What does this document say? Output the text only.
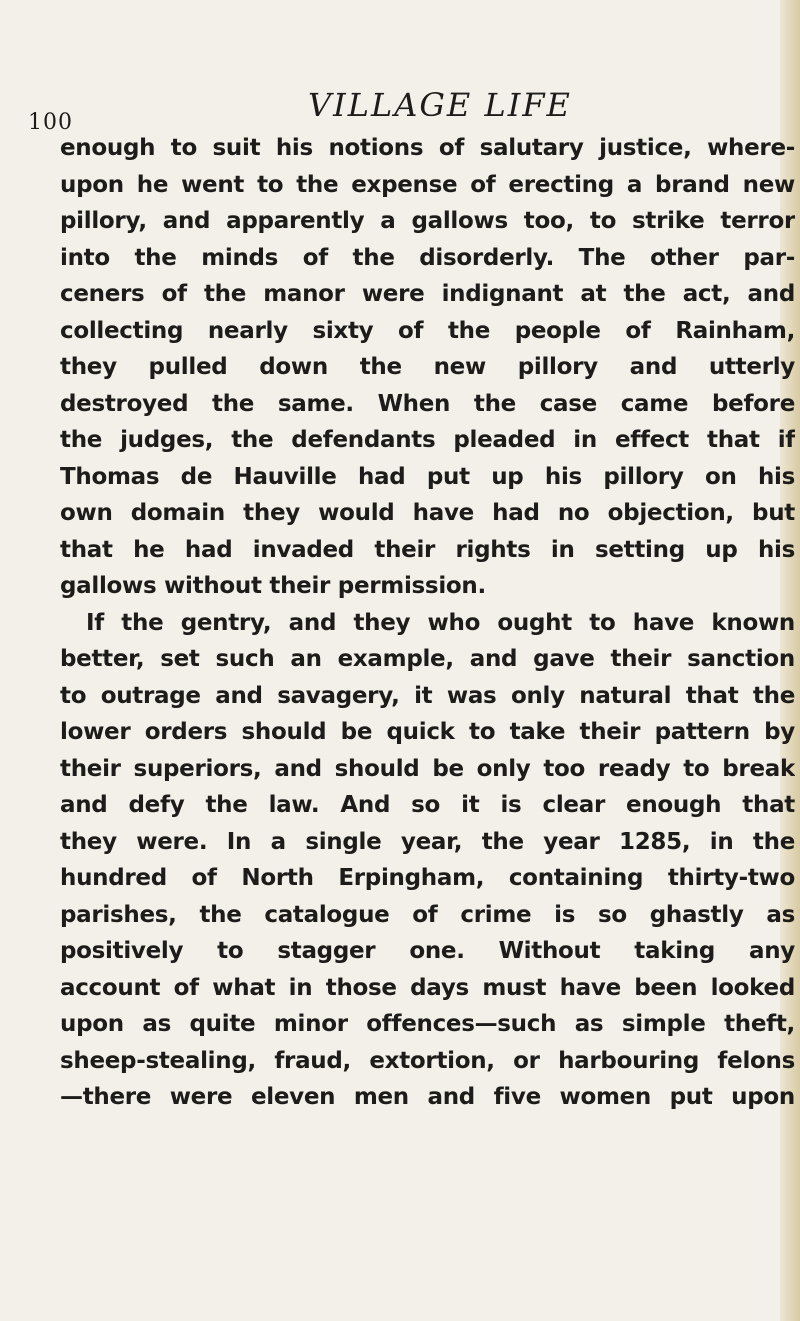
100	VILLAGE LIFE
enough to suit his notions of salutary justice, where-
upon he went to the expense of erecting a brand new
pillory, and apparently a gallows too, to strike terror
into the minds of the disorderly. The other par-
ceners of the manor were indignant at the act, and
collecting nearly sixty of the people of Rainham,
they pulled down the new pillory and utterly
destroyed the same. When the case came before
the judges, the defendants pleaded in effect that if
Thomas de Hauville had put up his pillory on his
own domain they would have had no objection, but
that he had invaded their rights in setting up his
gallows without their permission.
If the gentry, and they who ought to have known
better, set such an example, and gave their sanction
to outrage and savagery, it was only natural that the
lower orders should be quick to take their pattern by
their superiors, and should be only too ready to break
and defy the law. And so it is clear enough that
they were. In a single year, the year 1285, in the
hundred of North Erpingham, containing thirty-two
parishes, the catalogue of crime is so ghastly as
positively to stagger one. Without taking any
account of what in those days must have been looked
upon as quite minor offences—such as simple theft,
sheep-stealing, fraud, extortion, or harbouring felons
—there were eleven men and five women put upon
